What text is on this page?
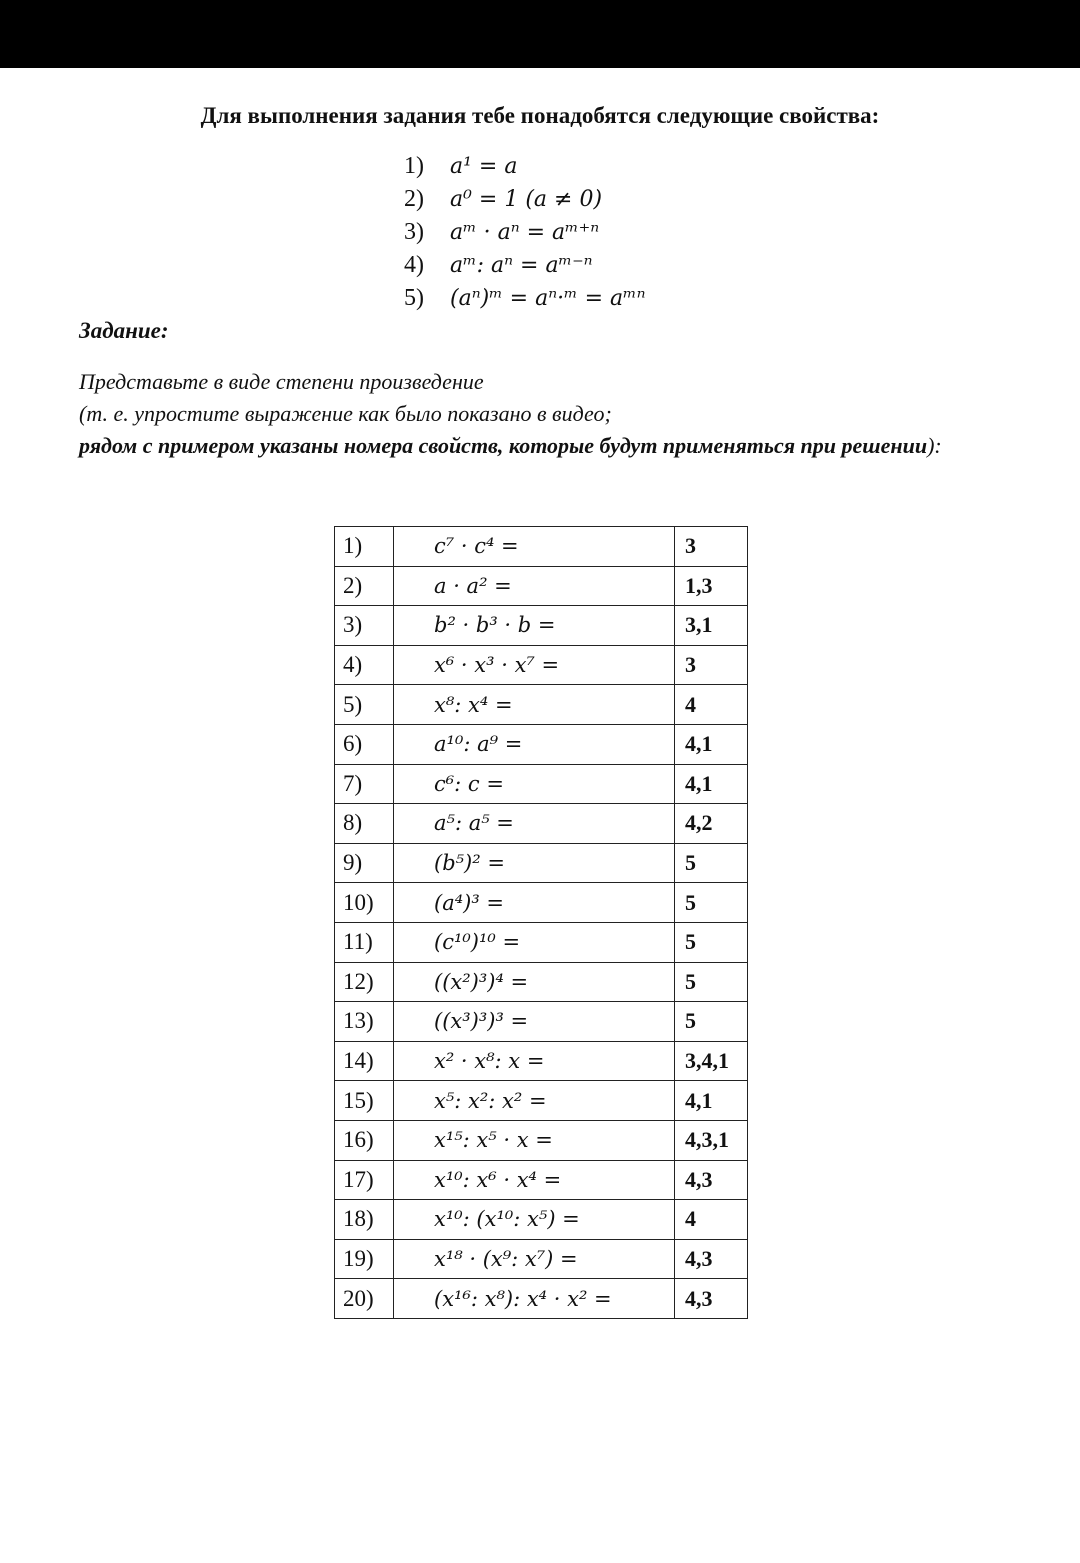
Для выполнения задания тебе понадобятся следующие свойства:
1) a¹ = a
2) a⁰ = 1 (a ≠ 0)
3) aᵐ · aⁿ = aᵐ⁺ⁿ
4) aᵐ: aⁿ = aᵐ⁻ⁿ
5) (aⁿ)ᵐ = aⁿ·ᵐ = aᵐⁿ
Задание:
Представьте в виде степени произведение
(т. е. упростите выражение как было показано в видео;
рядом с примером указаны номера свойств, которые будут применяться при решении):
1)	c⁷ · c⁴ =	3
2)	a · a² =	1,3
3)	b² · b³ · b =	3,1
4)	x⁶ · x³ · x⁷ =	3
5)	x⁸: x⁴ =	4
6)	a¹⁰: a⁹ =	4,1
7)	c⁶: c =	4,1
8)	a⁵: a⁵ =	4,2
9)	(b⁵)² =	5
10)	(a⁴)³ =	5
11)	(c¹⁰)¹⁰ =	5
12)	((x²)³)⁴ =	5
13)	((x³)³)³ =	5
14)	x² · x⁸: x =	3,4,1
15)	x⁵: x²: x² =	4,1
16)	x¹⁵: x⁵ · x =	4,3,1
17)	x¹⁰: x⁶ · x⁴ =	4,3
18)	x¹⁰: (x¹⁰: x⁵) =	4
19)	x¹⁸ · (x⁹: x⁷) =	4,3
20)	(x¹⁶: x⁸): x⁴ · x² =	4,3
